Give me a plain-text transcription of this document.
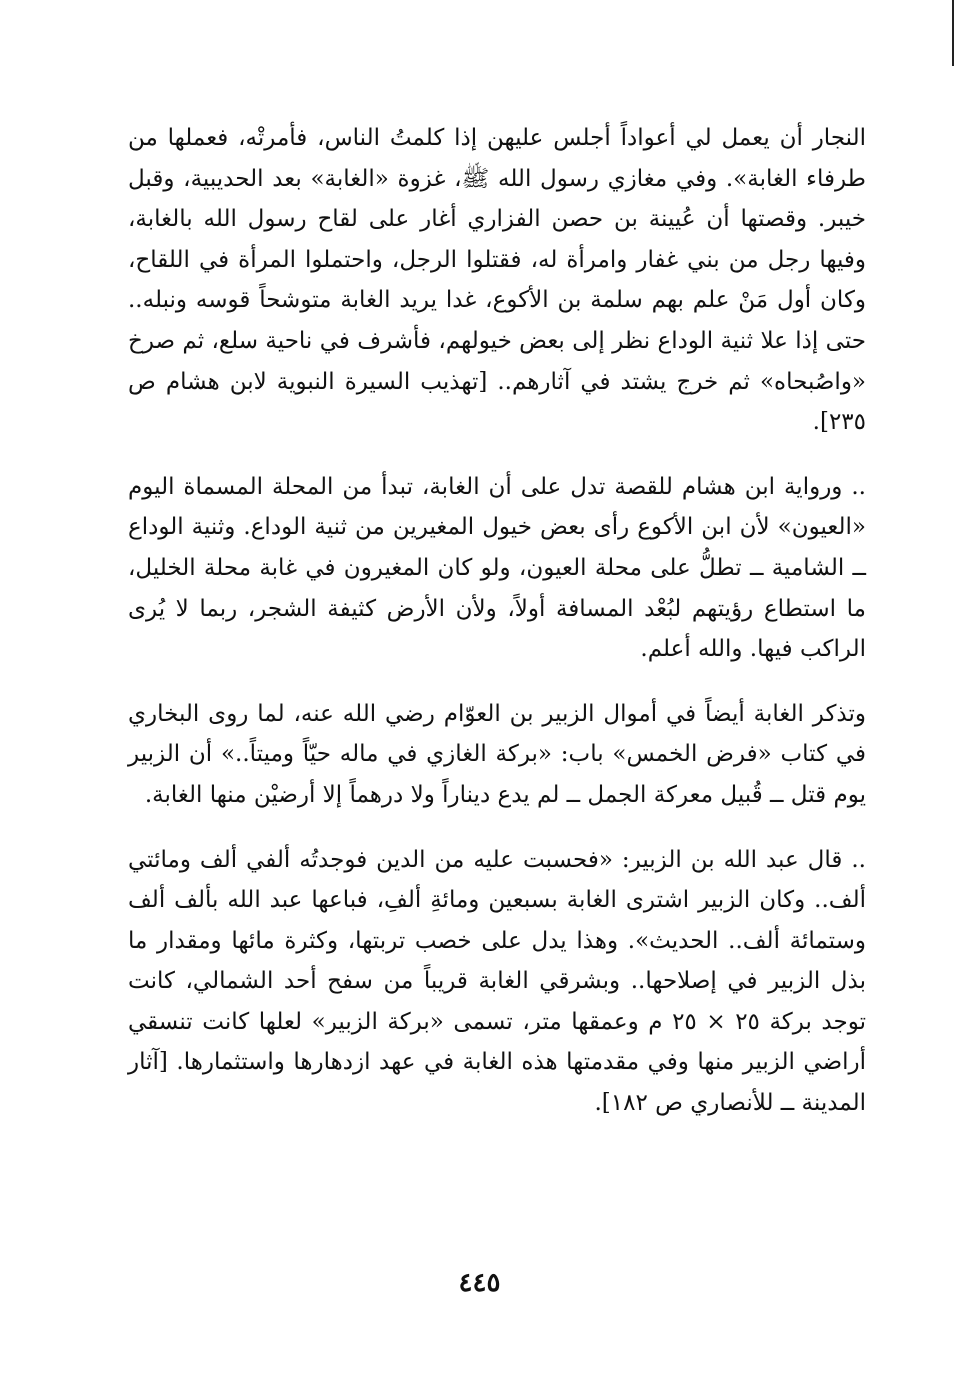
النجار أن يعمل لي أعواداً أجلس عليهن إذا كلمتُ الناس، فأمرتْه، فعملها من طرفاء الغابة». وفي مغازي رسول الله ﷺ، غزوة «الغابة» بعد الحديبية، وقبل خيبر. وقصتها أن عُيينة بن حصن الفزاري أغار على لقاح رسول الله بالغابة، وفيها رجل من بني غفار وامرأة له، فقتلوا الرجل، واحتملوا المرأة في اللقاح، وكان أول مَنْ علم بهم سلمة بن الأكوع، غدا يريد الغابة متوشحاً قوسه ونبله.. حتى إذا علا ثنية الوداع نظر إلى بعض خيولهم، فأشرف في ناحية سلع، ثم صرخ «واصُبحاه» ثم خرج يشتد في آثارهم.. [تهذيب السيرة النبوية لابن هشام ص ٢٣٥].

.. ورواية ابن هشام للقصة تدل على أن الغابة، تبدأ من المحلة المسماة اليوم «العيون» لأن ابن الأكوع رأى بعض خيول المغيرين من ثنية الوداع. وثنية الوداع ــ الشامية ــ تطلُّ على محلة العيون، ولو كان المغيرون في غابة محلة الخليل، ما استطاع رؤيتهم لبُعْد المسافة أولاً، ولأن الأرض كثيفة الشجر، ربما لا يُرى الراكب فيها. والله أعلم.

وتذكر الغابة أيضاً في أموال الزبير بن العوّام رضي الله عنه، لما روى البخاري في كتاب «فرض الخمس» باب: «بركة الغازي في ماله حيّاً وميتاً..» أن الزبير يوم قتل ــ قُبيل معركة الجمل ــ لم يدع ديناراً ولا درهماً إلا أرضيْن منها الغابة.

.. قال عبد الله بن الزبير: «فحسبت عليه من الدين فوجدتُه ألفي ألف ومائتي ألف.. وكان الزبير اشترى الغابة بسبعين ومائةِ ألفِ، فباعها عبد الله بألف ألف وستمائة ألف.. الحديث». وهذا يدل على خصب تربتها، وكثرة مائها ومقدار ما بذل الزبير في إصلاحها.. وبشرقي الغابة قريباً من سفح أحد الشمالي، كانت توجد بركة ٢٥ × ٢٥ م وعمقها متر، تسمى «بركة الزبير» لعلها كانت تنسقي أراضي الزبير منها وفي مقدمتها هذه الغابة في عهد ازدهارها واستثمارها. [آثار المدينة ــ للأنصاري ص ١٨٢].

٤٤٥
